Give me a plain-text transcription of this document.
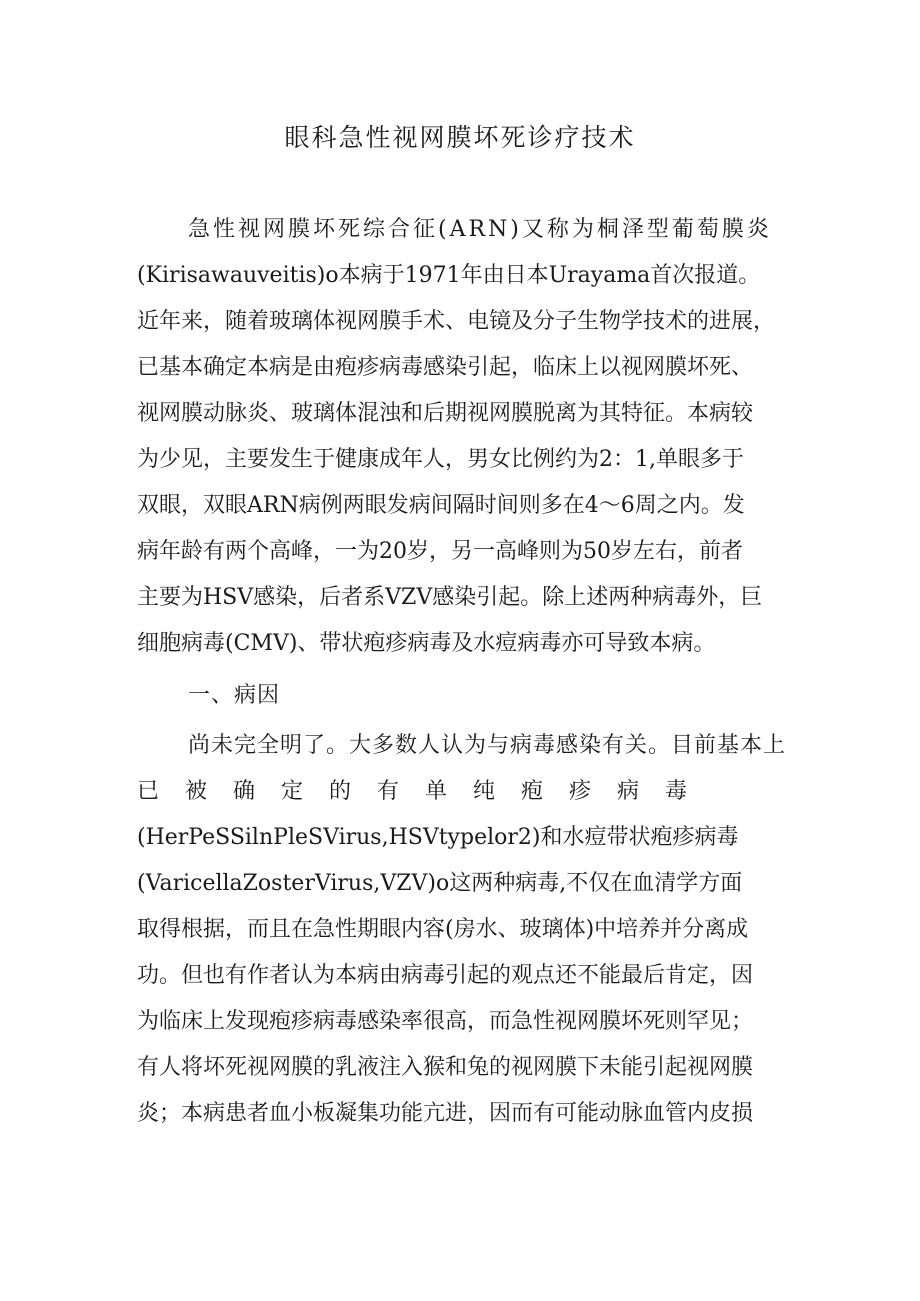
眼科急性视网膜坏死诊疗技术
急性视网膜坏死综合征(ARN)又称为桐泽型葡萄膜炎
(Kirisawauveitis)o本病于1971年由日本Urayama首次报道。
近年来，随着玻璃体视网膜手术、电镜及分子生物学技术的进展，
已基本确定本病是由疱疹病毒感染引起，临床上以视网膜坏死、
视网膜动脉炎、玻璃体混浊和后期视网膜脱离为其特征。本病较
为少见，主要发生于健康成年人，男女比例约为2：1,单眼多于
双眼，双眼ARN病例两眼发病间隔时间则多在4〜6周之内。发
病年龄有两个高峰，一为20岁，另一高峰则为50岁左右，前者
主要为HSV感染，后者系VZV感染引起。除上述两种病毒外，巨
细胞病毒(CMV)、带状疱疹病毒及水痘病毒亦可导致本病。
一、病因
尚未完全明了。大多数人认为与病毒感染有关。目前基本上
已被确定的有单纯疱疹病毒
(HerPeSSilnPleSVirus,HSVtypelor2)和水痘带状疱疹病毒
(VaricellaZosterVirus,VZV)o这两种病毒,不仅在血清学方面
取得根据，而且在急性期眼内容(房水、玻璃体)中培养并分离成
功。但也有作者认为本病由病毒引起的观点还不能最后肯定，因
为临床上发现疱疹病毒感染率很高，而急性视网膜坏死则罕见；
有人将坏死视网膜的乳液注入猴和兔的视网膜下未能引起视网膜
炎；本病患者血小板凝集功能亢进，因而有可能动脉血管内皮损
